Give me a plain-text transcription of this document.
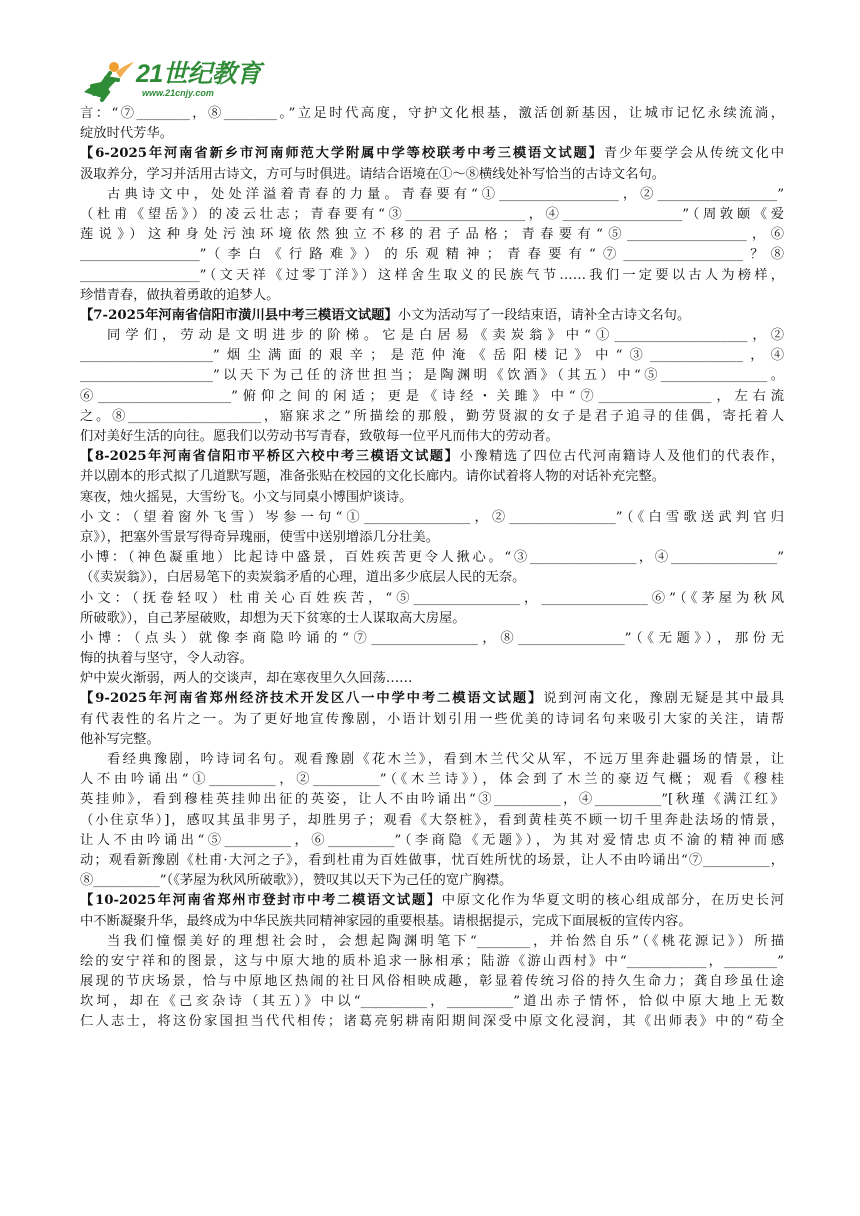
21世纪教育
www.21cnjy.com
言：“⑦________，⑧________。”立足时代高度，守护文化根基，激活创新基因，让城市记忆永续流淌，
绽放时代芳华。
【6-2025年河南省新乡市河南师范大学附属中学等校联考中考三模语文试题】青少年要学会从传统文化中
汲取养分，学习并活用古诗文，方可与时俱进。请结合语境在①～⑧横线处补写恰当的古诗文名句。
古典诗文中，处处洋溢着青春的力量。青春要有“①__________________，②__________________”
（杜甫《望岳》）的凌云壮志；青春要有“③__________________，④__________________”（周敦颐《爱
莲说》）这种身处污浊环境依然独立不移的君子品格；青春要有“⑤__________________，⑥
__________________”（李白《行路难》）的乐观精神；青春要有“⑦__________________？⑧
__________________”（文天祥《过零丁洋》）这样舍生取义的民族气节……我们一定要以古人为榜样，
珍惜青春，做执着勇敢的追梦人。
【7-2025年河南省信阳市潢川县中考三模语文试题】小文为活动写了一段结束语，请补全古诗文名句。
同学们，劳动是文明进步的阶梯。它是白居易《卖炭翁》中“①____________________，②
____________________”烟尘满面的艰辛；是范仲淹《岳阳楼记》中“③______________，④
____________________”以天下为己任的济世担当；是陶渊明《饮酒》（其五）中“⑤________________。
⑥____________________”俯仰之间的闲适；更是《诗经・关雎》中“⑦_________________，左右流
之。⑧____________________，寤寐求之”所描绘的那般，勤劳贤淑的女子是君子追寻的佳偶，寄托着人
们对美好生活的向往。愿我们以劳动书写青春，致敬每一位平凡而伟大的劳动者。
【8-2025年河南省信阳市平桥区六校中考三模语文试题】小豫精选了四位古代河南籍诗人及他们的代表作，
并以剧本的形式拟了几道默写题，准备张贴在校园的文化长廊内。请你试着将人物的对话补充完整。
寒夜，烛火摇晃，大雪纷飞。小文与同桌小博围炉谈诗。
小文：（望着窗外飞雪）岑参一句“①________________，②________________”（《白雪歌送武判官归
京》），把塞外雪景写得奇异瑰丽，使雪中送别增添几分壮美。
小博：（神色凝重地）比起诗中盛景，百姓疾苦更令人揪心。“③________________，④________________”
（《卖炭翁》），白居易笔下的卖炭翁矛盾的心理，道出多少底层人民的无奈。
小文：（抚卷轻叹）杜甫关心百姓疾苦，“⑤________________，________________⑥”（《茅屋为秋风
所破歌》），自己茅屋破败，却想为天下贫寒的士人谋取高大房屋。
小博：（点头）就像李商隐吟诵的“⑦________________，⑧________________”（《无题》），那份无
悔的执着与坚守，令人动容。
炉中炭火渐弱，两人的交谈声，却在寒夜里久久回荡……
【9-2025年河南省郑州经济技术开发区八一中学中考二模语文试题】说到河南文化，豫剧无疑是其中最具
有代表性的名片之一。为了更好地宣传豫剧，小语计划引用一些优美的诗词名句来吸引大家的关注，请帮
他补写完整。
看经典豫剧，吟诗词名句。观看豫剧《花木兰》，看到木兰代父从军，不远万里奔赴疆场的情景，让
人不由吟诵出“①__________，②__________”（《木兰诗》），体会到了木兰的豪迈气概；观看《穆桂
英挂帅》，看到穆桂英挂帅出征的英姿，让人不由吟诵出“③__________，④__________”[秋瑾《满江红》
（小住京华）]，感叹其虽非男子，却胜男子；观看《大祭桩》，看到黄桂英不顾一切千里奔赴法场的情景，
让人不由吟诵出“⑤__________，⑥__________”（李商隐《无题》），为其对爱情忠贞不渝的精神而感
动；观看新豫剧《杜甫·大河之子》，看到杜甫为百姓做事，忧百姓所忧的场景，让人不由吟诵出“⑦__________，
⑧__________”（《茅屋为秋风所破歌》），赞叹其以天下为己任的宽广胸襟。
【10-2025年河南省郑州市登封市中考二模语文试题】中原文化作为华夏文明的核心组成部分，在历史长河
中不断凝聚升华，最终成为中华民族共同精神家园的重要根基。请根据提示，完成下面展板的宣传内容。
当我们憧憬美好的理想社会时，会想起陶渊明笔下“________，并怡然自乐”（《桃花源记》）所描
绘的安宁祥和的图景，这与中原大地的质朴追求一脉相承；陆游《游山西村》中“____________，________”
展现的节庆场景，恰与中原地区热闹的社日风俗相映成趣，彰显着传统习俗的持久生命力；龚自珍虽仕途
坎坷，却在《己亥杂诗（其五）》中以“__________，__________”道出赤子情怀，恰似中原大地上无数
仁人志士，将这份家国担当代代相传；诸葛亮躬耕南阳期间深受中原文化浸润，其《出师表》中的“苟全
